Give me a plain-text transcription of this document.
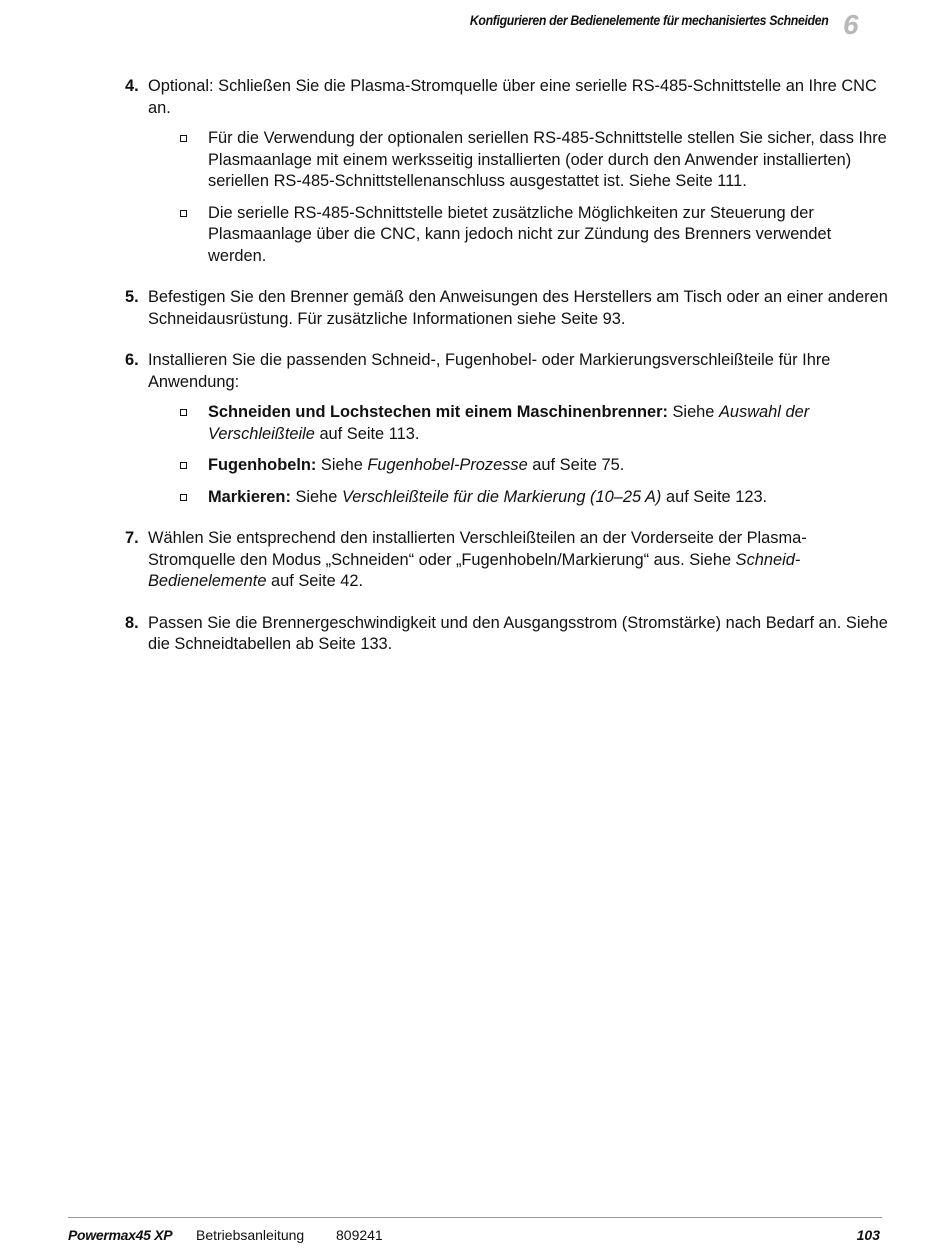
Konfigurieren der Bedienelemente für mechanisiertes Schneiden 6
4. Optional: Schließen Sie die Plasma-Stromquelle über eine serielle RS-485-Schnittstelle an Ihre CNC an.

Für die Verwendung der optionalen seriellen RS-485-Schnittstelle stellen Sie sicher, dass Ihre Plasmaanlage mit einem werksseitig installierten (oder durch den Anwender installierten) seriellen RS-485-Schnittstellenanschluss ausgestattet ist. Siehe Seite 111.
Die serielle RS-485-Schnittstelle bietet zusätzliche Möglichkeiten zur Steuerung der Plasmaanlage über die CNC, kann jedoch nicht zur Zündung des Brenners verwendet werden.
5. Befestigen Sie den Brenner gemäß den Anweisungen des Herstellers am Tisch oder an einer anderen Schneidausrüstung. Für zusätzliche Informationen siehe Seite 93.

6. Installieren Sie die passenden Schneid-, Fugenhobel- oder Markierungsverschleißteile für Ihre Anwendung:

Schneiden und Lochstechen mit einem Maschinenbrenner: Siehe Auswahl der Verschleißteile auf Seite 113.
Fugenhobeln: Siehe Fugenhobel-Prozesse auf Seite 75.
Markieren: Siehe Verschleißteile für die Markierung (10–25 A) auf Seite 123.
7. Wählen Sie entsprechend den installierten Verschleißteilen an der Vorderseite der Plasma-Stromquelle den Modus „Schneiden“ oder „Fugenhobeln/Markierung“ aus. Siehe Schneid-Bedienelemente auf Seite 42.

8. Passen Sie die Brennergeschwindigkeit und den Ausgangsstrom (Stromstärke) nach Bedarf an. Siehe die Schneidtabellen ab Seite 133.

Powermax45 XP	Betriebsanleitung	809241	103
